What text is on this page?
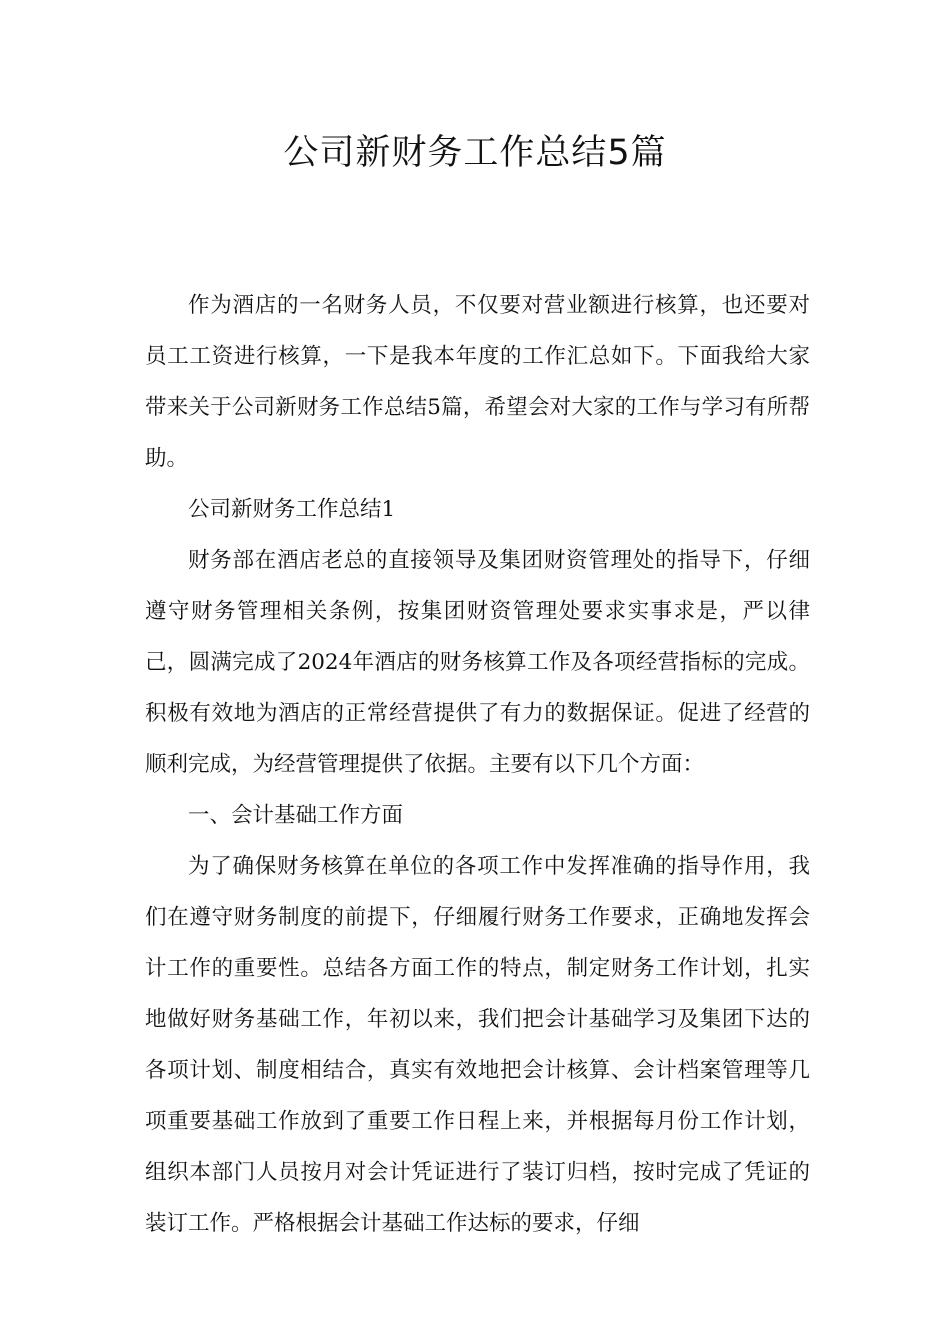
公司新财务工作总结5篇

作为酒店的一名财务人员，不仅要对营业额进行核算，也还要对员工工资进行核算，一下是我本年度的工作汇总如下。下面我给大家带来关于公司新财务工作总结5篇，希望会对大家的工作与学习有所帮助。

公司新财务工作总结1

财务部在酒店老总的直接领导及集团财资管理处的指导下，仔细遵守财务管理相关条例，按集团财资管理处要求实事求是，严以律己，圆满完成了2024年酒店的财务核算工作及各项经营指标的完成。积极有效地为酒店的正常经营提供了有力的数据保证。促进了经营的顺利完成，为经营管理提供了依据。主要有以下几个方面：

一、会计基础工作方面

为了确保财务核算在单位的各项工作中发挥准确的指导作用，我们在遵守财务制度的前提下，仔细履行财务工作要求，正确地发挥会计工作的重要性。总结各方面工作的特点，制定财务工作计划，扎实地做好财务基础工作，年初以来，我们把会计基础学习及集团下达的各项计划、制度相结合，真实有效地把会计核算、会计档案管理等几项重要基础工作放到了重要工作日程上来，并根据每月份工作计划，组织本部门人员按月对会计凭证进行了装订归档，按时完成了凭证的装订工作。严格根据会计基础工作达标的要求，仔细
